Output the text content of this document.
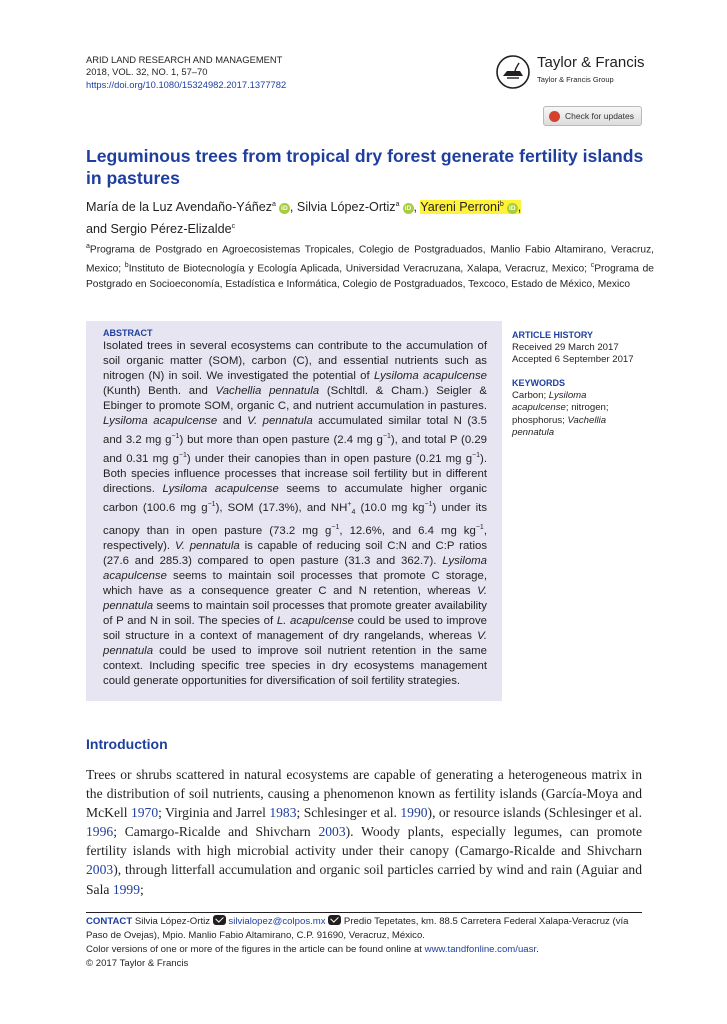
ARID LAND RESEARCH AND MANAGEMENT
2018, VOL. 32, NO. 1, 57–70
https://doi.org/10.1080/15324982.2017.1377782
Taylor & Francis
Taylor & Francis Group
Check for updates
Leguminous trees from tropical dry forest generate fertility islands in pastures
María de la Luz Avendaño-Yáñez$^a$iD , Silvia López-Ortiz$^a$iD , Yareni Perroni$^b$iD ,
and Sergio Pérez-Elizalde$^c$
$^a$Programa de Postgrado en Agroecosistemas Tropicales, Colegio de Postgraduados, Manlio Fabio Altamirano, Veracruz, Mexico; $^b$Instituto de Biotecnología y Ecología Aplicada, Universidad Veracruzana, Xalapa, Veracruz, Mexico; $^c$Programa de Postgrado en Socioeconomía, Estadística e Informática, Colegio de Postgraduados, Texcoco, Estado de México, Mexico
ABSTRACT
Isolated trees in several ecosystems can contribute to the accumulation of soil organic matter (SOM), carbon (C), and essential nutrients such as nitrogen (N) in soil. We investigated the potential of Lysiloma acapulcense (Kunth) Benth. and Vachellia pennatula (Schltdl. & Cham.) Seigler & Ebinger to promote SOM, organic C, and nutrient accumulation in pastures. Lysiloma acapulcense and V. pennatula accumulated similar total N (3.5 and 3.2 mg $g^{-1}$) but more than open pasture (2.4 mg $g^{-1}$), and total P (0.29 and 0.31 mg $g^{-1}$) under their canopies than in open pasture (0.21 mg $g^{-1}$). Both species influence processes that increase soil fertility but in different directions. Lysiloma acapulcense seems to accumulate higher organic carbon (100.6 mg $g^{-1}$), SOM (17.3%), and $NH^+_4$ (10.0 mg $kg^{-1}$) under its canopy than in open pasture (73.2 mg $g^{-1}$, 12.6%, and 6.4 mg $kg^{-1}$, respectively). V. pennatula is capable of reducing soil C:N and C:P ratios (27.6 and 285.3) compared to open pasture (31.3 and 362.7). Lysiloma acapulcense seems to maintain soil processes that promote C storage, which have as a consequence greater C and N retention, whereas V. pennatula seems to maintain soil processes that promote greater availability of P and N in soil. The species of L. acapulcense could be used to improve soil structure in a context of management of dry rangelands, whereas V. pennatula could be used to improve soil nutrient retention in the same context. Including specific tree species in dry ecosystems management could generate opportunities for diversification of soil fertility strategies.
ARTICLE HISTORY
Received 29 March 2017
Accepted 6 September 2017
KEYWORDS
Carbon; Lysiloma acapulcense; nitrogen; phosphorus; Vachellia pennatula
Introduction
Trees or shrubs scattered in natural ecosystems are capable of generating a heterogeneous matrix in the distribution of soil nutrients, causing a phenomenon known as fertility islands (García-Moya and McKell 1970; Virginia and Jarrel 1983; Schlesinger et al. 1990), or resource islands (Schlesinger et al. 1996; Camargo-Ricalde and Shivcharn 2003). Woody plants, especially legumes, can promote fertility islands with high microbial activity under their canopy (Camargo-Ricalde and Shivcharn 2003), through litterfall accumulation and organic soil particles carried by wind and rain (Aguiar and Sala 1999;
CONTACT Silvia López-Ortiz silvialopez@colpos.mx Predio Tepetates, km. 88.5 Carretera Federal Xalapa-Veracruz (vía Paso de Ovejas), Mpio. Manlio Fabio Altamirano, C.P. 91690, Veracruz, México.
Color versions of one or more of the figures in the article can be found online at www.tandfonline.com/uasr.
© 2017 Taylor & Francis
